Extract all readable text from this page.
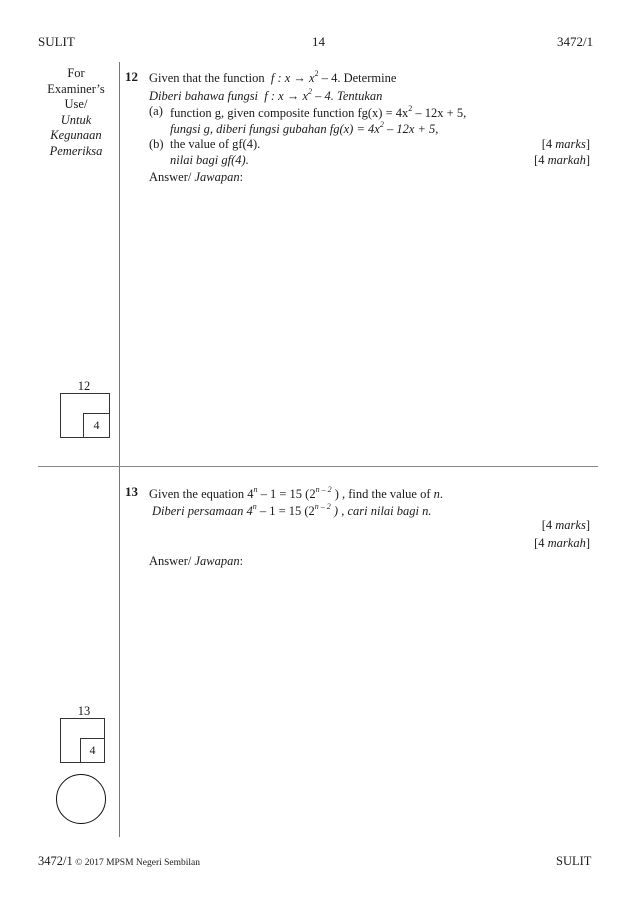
SULIT	14	3472/1
For
Examiner’s
Use/
Untuk
Kegunaan
Pemeriksa
12 Given that the function f : $x \to x^2 - 4$. Determine
Diberi bahawa fungsi f : $x \to x^2 - 4$. Tentukan
(a) function g, given composite function $fg(x) = 4x^2 - 12x + 5$,
fungsi g, diberi fungsi gubahan $fg(x) = 4x^2 - 12x + 5$,
(b) the value of gf(4).
nilai bagi gf(4).
[4 marks]
[4 markah]
Answer/ Jawapan:
12
4
13 Given the equation 4$^n$ – 1 = 15 (2$^{n - 2}$ ) , find the value of n.
Diberi persamaan 4$^n$ – 1 = 15 (2$^{n - 2}$ ) , cari nilai bagi n.
[4 marks]
[4 markah]
Answer/ Jawapan:
13
4
3472/1 © 2017 MPSM Negeri Sembilan	SULIT
